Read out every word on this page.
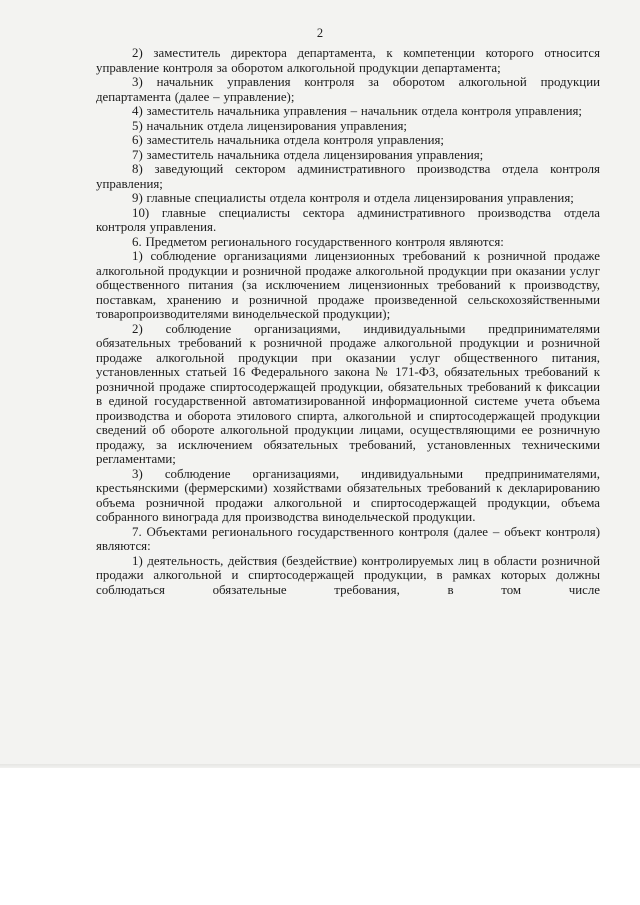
2

2) заместитель директора департамента, к компетенции которого относится управление контроля за оборотом алкогольной продукции департамента;

3) начальник управления контроля за оборотом алкогольной продукции департамента (далее – управление);

4) заместитель начальника управления – начальник отдела контроля управления;

5) начальник отдела лицензирования управления;

6) заместитель начальника отдела контроля управления;

7) заместитель начальника отдела лицензирования управления;

8) заведующий сектором административного производства отдела контроля управления;

9) главные специалисты отдела контроля и отдела лицензирования управления;

10) главные специалисты сектора административного производства отдела контроля управления.

6. Предметом регионального государственного контроля являются:

1) соблюдение организациями лицензионных требований к розничной продаже алкогольной продукции и розничной продаже алкогольной продукции при оказании услуг общественного питания (за исключением лицензионных требований к производству, поставкам, хранению и розничной продаже произведенной сельскохозяйственными товаропроизводителями винодельческой продукции);

2) соблюдение организациями, индивидуальными предпринимателями обязательных требований к розничной продаже алкогольной продукции и розничной продаже алкогольной продукции при оказании услуг общественного питания, установленных статьей 16 Федерального закона № 171-ФЗ, обязательных требований к розничной продаже спиртосодержащей продукции, обязательных требований к фиксации в единой государственной автоматизированной информационной системе учета объема производства и оборота этилового спирта, алкогольной и спиртосодержащей продукции сведений об обороте алкогольной продукции лицами, осуществляющими ее розничную продажу, за исключением обязательных требований, установленных техническими регламентами;

3) соблюдение организациями, индивидуальными предпринимателями, крестьянскими (фермерскими) хозяйствами обязательных требований к декларированию объема розничной продажи алкогольной и спиртосодержащей продукции, объема собранного винограда для производства винодельческой продукции.

7. Объектами регионального государственного контроля (далее – объект контроля) являются:

1) деятельность, действия (бездействие) контролируемых лиц в области розничной продажи алкогольной и спиртосодержащей продукции, в рамках которых должны соблюдаться обязательные требования, в том числе
